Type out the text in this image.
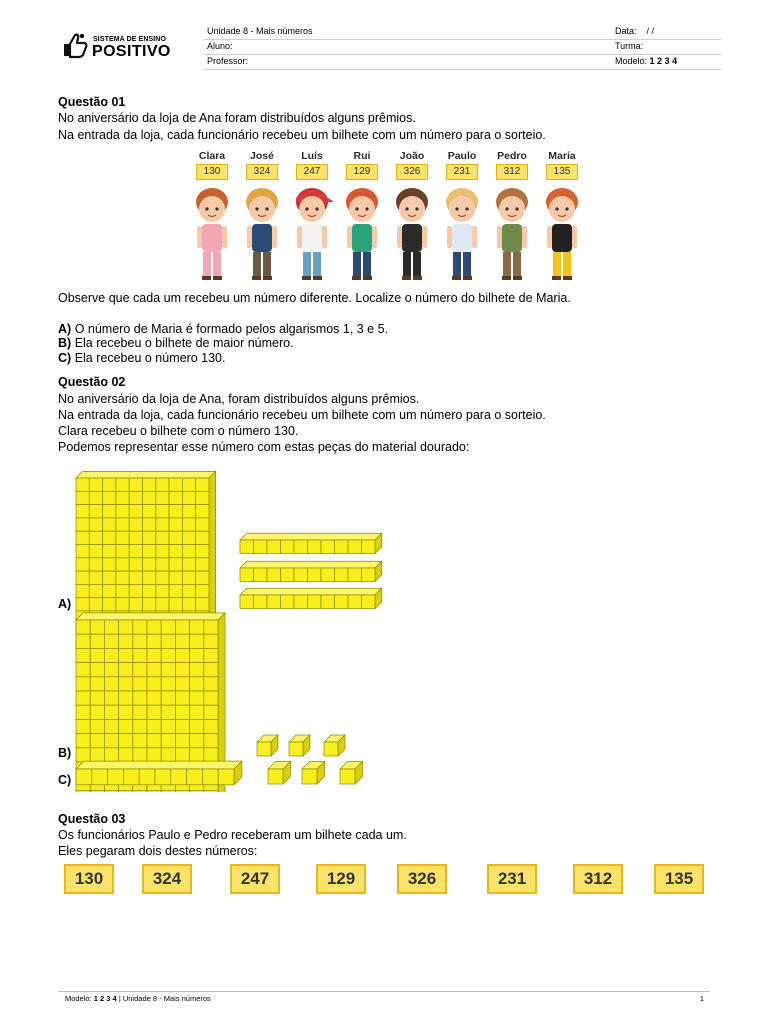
SISTEMA DE ENSINO
POSITIVO
Unidade 8 - Mais números	Data: / /
Aluno:	Turma:
Professor:	Modelo: 1 2 3 4
Questão 01
No aniversário da loja de Ana foram distribuídos alguns prêmios.
Na entrada da loja, cada funcionário recebeu um bilhete com um número para o sorteio.
Clara
130
José
324
Luís
247
Rui
129
João
326
Paulo
231
Pedro
312
Maria
135
Observe que cada um recebeu um número diferente. Localize o número do bilhete de Maria.
A) O número de Maria é formado pelos algarismos 1, 3 e 5.
B) Ela recebeu o bilhete de maior número.
C) Ela recebeu o número 130.
Questão 02
No aniversário da loja de Ana, foram distribuídos alguns prêmios.
Na entrada da loja, cada funcionário recebeu um bilhete com um número para o sorteio.
Clara recebeu o bilhete com o número 130.
Podemos representar esse número com estas peças do material dourado:
A)
B)
C)
Questão 03
Os funcionários Paulo e Pedro receberam um bilhete cada um.
Eles pegaram dois destes números:
130	324	247	129	326	231	312	135
Modelo: 1 2 3 4 | Unidade 8 - Mais números	1
